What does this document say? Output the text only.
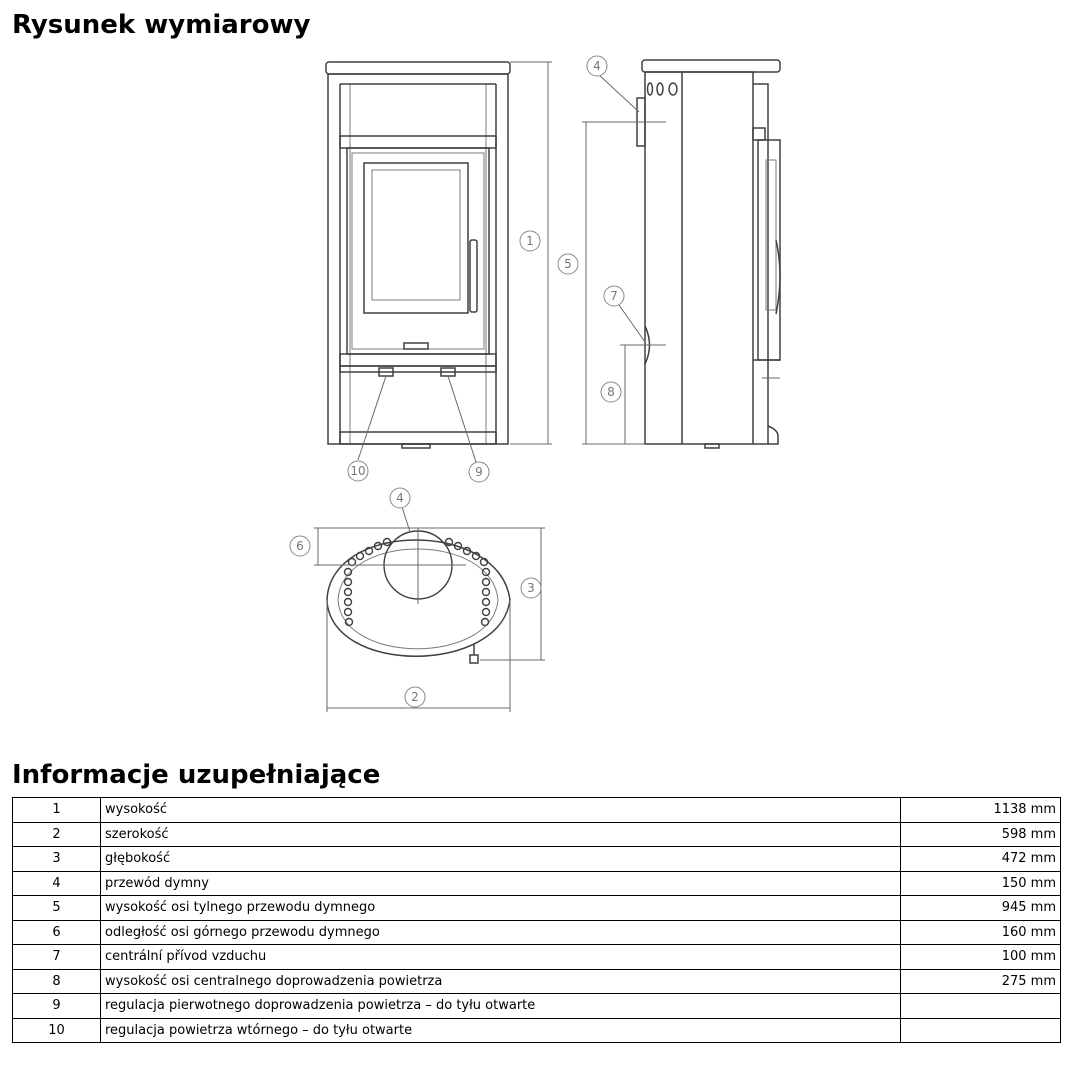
Rysunek wymiarowy
1
10	9
5
4
7
8
6
3
2
4
Informacje uzupełniające
1	wysokość	1138 mm
2	szerokość	598 mm
3	głębokość	472 mm
4	przewód dymny	150 mm
5	wysokość osi tylnego przewodu dymnego	945 mm
6	odległość osi górnego przewodu dymnego	160 mm
7	centrální přívod vzduchu	100 mm
8	wysokość osi centralnego doprowadzenia powietrza	275 mm
9	regulacja pierwotnego doprowadzenia powietrza – do tyłu otwarte	
10	regulacja powietrza wtórnego – do tyłu otwarte	
